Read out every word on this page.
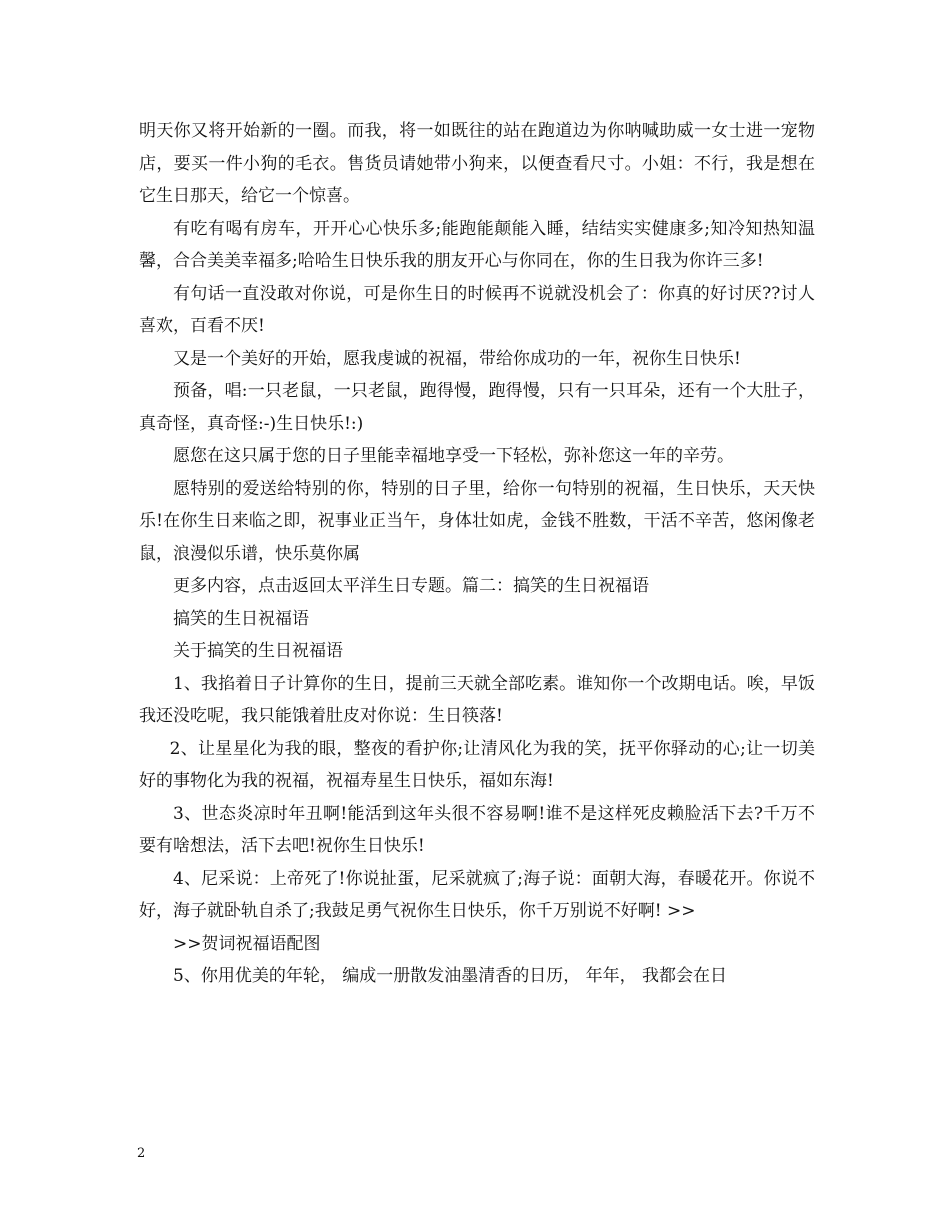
明天你又将开始新的一圈。而我，将一如既往的站在跑道边为你呐喊助威一女士进一宠物店，要买一件小狗的毛衣。售货员请她带小狗来，以便查看尺寸。小姐：不行，我是想在它生日那天，给它一个惊喜。

有吃有喝有房车，开开心心快乐多;能跑能颠能入睡，结结实实健康多;知冷知热知温馨，合合美美幸福多;哈哈生日快乐我的朋友开心与你同在，你的生日我为你许三多!

有句话一直没敢对你说，可是你生日的时候再不说就没机会了：你真的好讨厌??讨人喜欢，百看不厌!

又是一个美好的开始，愿我虔诚的祝福，带给你成功的一年，祝你生日快乐!

预备，唱:一只老鼠，一只老鼠，跑得慢，跑得慢，只有一只耳朵，还有一个大肚子，真奇怪，真奇怪:-)生日快乐!:)

愿您在这只属于您的日子里能幸福地享受一下轻松，弥补您这一年的辛劳。

愿特别的爱送给特别的你，特别的日子里，给你一句特别的祝福，生日快乐，天天快乐!在你生日来临之即，祝事业正当午，身体壮如虎，金钱不胜数，干活不辛苦，悠闲像老鼠，浪漫似乐谱，快乐莫你属

更多内容，点击返回太平洋生日专题。篇二：搞笑的生日祝福语

搞笑的生日祝福语

关于搞笑的生日祝福语

1、我掐着日子计算你的生日，提前三天就全部吃素。谁知你一个改期电话。唉，早饭我还没吃呢，我只能饿着肚皮对你说：生日筷落!

2、让星星化为我的眼，整夜的看护你;让清风化为我的笑，抚平你驿动的心;让一切美好的事物化为我的祝福，祝福寿星生日快乐，福如东海!

3、世态炎凉时年丑啊!能活到这年头很不容易啊!谁不是这样死皮赖脸活下去?千万不要有啥想法，活下去吧!祝你生日快乐!

4、尼采说：上帝死了!你说扯蛋，尼采就疯了;海子说：面朝大海，春暖花开。你说不好，海子就卧轨自杀了;我鼓足勇气祝你生日快乐，你千万别说不好啊! >>

>>贺词祝福语配图

5、你用优美的年轮， 编成一册散发油墨清香的日历， 年年， 我都会在日

2
